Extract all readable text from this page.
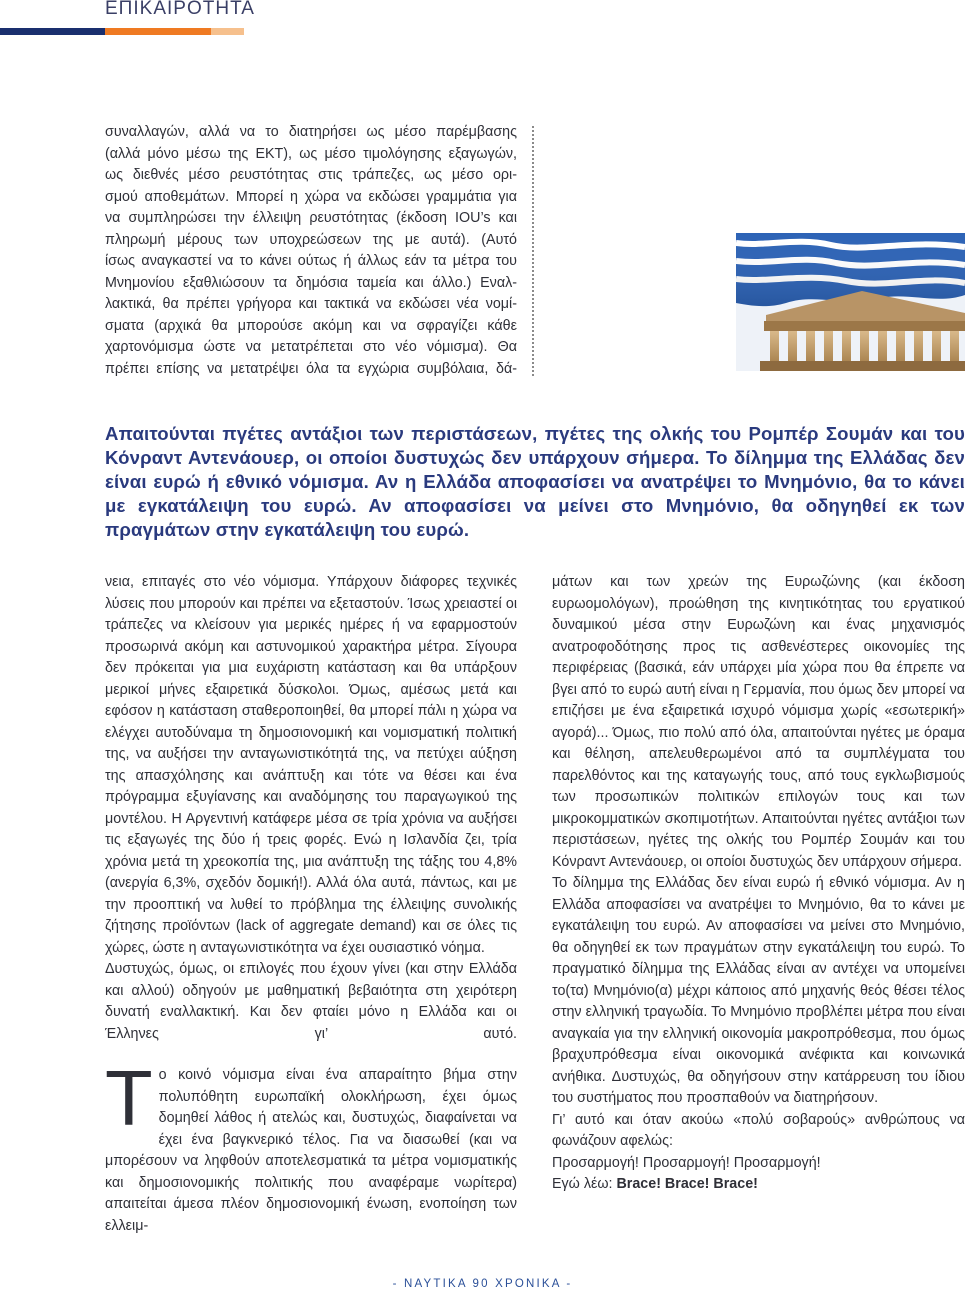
ΕΠΙΚΑΙΡΟΤΗΤΑ

συναλλαγών, αλλά να το διατηρήσει ως μέσο παρέμβασης

(αλλά μόνο μέσω της ΕΚΤ), ως μέσο τιμολόγησης εξαγωγών,

ως διεθνές μέσο ρευστότητας στις τράπεζες, ως μέσο ορι-

σμού αποθεμάτων. Μπορεί η χώρα να εκδώσει γραμμάτια για

να συμπληρώσει την έλλειψη ρευστότητας (έκδοση IOU’s και

πληρωμή μέρους των υποχρεώσεων της με αυτά). (Αυτό

ίσως αναγκαστεί να το κάνει ούτως ή άλλως εάν τα μέτρα του

Μνημονίου εξαθλιώσουν τα δημόσια ταμεία και άλλο.) Εναλ-

λακτικά, θα πρέπει γρήγορα και τακτικά να εκδώσει νέα νομί-

σματα (αρχικά θα μπορούσε ακόμη και να σφραγίζει κάθε

χαρτονόμισμα ώστε να μετατρέπεται στο νέο νόμισμα). Θα

πρέπει επίσης να μετατρέψει όλα τα εγχώρια συμβόλαια, δά-

Απαιτούνται πγέτες αντάξιοι των περιστάσεων, πγέτες της ολκής του Ρομπέρ Σουμάν και του Κόνραντ Αντενάουερ, οι οποίοι δυστυχώς δεν υπάρχουν σήμερα. Το δίλημμα της Ελλάδας δεν είναι ευρώ ή εθνικό νόμισμα. Αν η Ελλάδα αποφασίσει να ανατρέψει το Μνημόνιο, θα το κάνει με εγκατάλειψη του ευρώ. Αν αποφασίσει να μείνει στο Μνημόνιο, θα οδηγηθεί εκ των πραγμάτων στην εγκατάλειψη του ευρώ.

νεια, επιταγές στο νέο νόμισμα. Υπάρχουν διάφορες τεχνικές λύσεις που μπορούν και πρέπει να εξεταστούν. Ίσως χρειαστεί οι τράπεζες να κλείσουν για μερικές ημέρες ή να εφαρμοστούν προσωρινά ακόμη και αστυνομικού χαρακτήρα μέτρα. Σίγουρα δεν πρόκειται για μια ευχάριστη κατάσταση και θα υπάρξουν μερικοί μήνες εξαιρετικά δύσκολοι. Όμως, αμέσως μετά και εφόσον η κατάσταση σταθεροποιηθεί, θα μπορεί πάλι η χώρα να ελέγχει αυτοδύναμα τη δημοσιονομική και νομισματική πολιτική της, να αυξήσει την ανταγωνιστικότητά της, να πετύχει αύξηση της απασχόλησης και ανάπτυξη και τότε να θέσει και ένα πρόγραμμα εξυγίανσης και αναδόμησης του παραγωγικού της μοντέλου. Η Αργεντινή κατάφερε μέσα σε τρία χρόνια να αυξήσει τις εξαγωγές της δύο ή τρεις φορές. Ενώ η Ισλανδία ζει, τρία χρόνια μετά τη χρεοκοπία της, μια ανάπτυξη της τάξης του 4,8% (ανεργία 6,3%, σχεδόν δομική!). Αλλά όλα αυτά, πάντως, και με την προοπτική να λυθεί το πρόβλημα της έλλειψης συνολικής ζήτησης προϊόντων (lack of aggregate demand) και σε όλες τις χώρες, ώστε η ανταγωνιστικότητα να έχει ουσιαστικό νόημα.

Δυστυχώς, όμως, οι επιλογές που έχουν γίνει (και στην Ελλάδα και αλλού) οδηγούν με μαθηματική βεβαιότητα στη χειρότερη δυνατή εναλλακτική. Και δεν φταίει μόνο η Ελλάδα και οι Έλληνες γι’ αυτό.

Το κοινό νόμισμα είναι ένα απαραίτητο βήμα στην πολυπόθητη ευρωπαϊκή ολοκλήρωση, έχει όμως δομηθεί λάθος ή ατελώς και, δυστυχώς, διαφαίνεται να έχει ένα βαγκνερικό τέλος. Για να διασωθεί (και να μπορέσουν να ληφθούν αποτελεσματικά τα μέτρα νομισματικής και δημοσιονομικής πολιτικής που αναφέραμε νωρίτερα) απαιτείται άμεσα πλέον δημοσιονομική ένωση, ενοποίηση των ελλειμ-

μάτων και των χρεών της Ευρωζώνης (και έκδοση ευρωομολόγων), προώθηση της κινητικότητας του εργατικού δυναμικού μέσα στην Ευρωζώνη και ένας μηχανισμός ανατροφοδότησης προς τις ασθενέστερες οικονομίες της περιφέρειας (βασικά, εάν υπάρχει μία χώρα που θα έπρεπε να βγει από το ευρώ αυτή είναι η Γερμανία, που όμως δεν μπορεί να επιζήσει με ένα εξαιρετικά ισχυρό νόμισμα χωρίς «εσωτερική» αγορά)... Όμως, πιο πολύ από όλα, απαιτούνται ηγέτες με όραμα και θέληση, απελευθερωμένοι από τα συμπλέγματα του παρελθόντος και της καταγωγής τους, από τους εγκλωβισμούς των προσωπικών πολιτικών επιλογών τους και των μικροκομματικών σκοπιμοτήτων. Απαιτούνται ηγέτες αντάξιοι των περιστάσεων, ηγέτες της ολκής του Ρομπέρ Σουμάν και του Κόνραντ Αντενάουερ, οι οποίοι δυστυχώς δεν υπάρχουν σήμερα.

Το δίλημμα της Ελλάδας δεν είναι ευρώ ή εθνικό νόμισμα. Αν η Ελλάδα αποφασίσει να ανατρέψει το Μνημόνιο, θα το κάνει με εγκατάλειψη του ευρώ. Αν αποφασίσει να μείνει στο Μνημόνιο, θα οδηγηθεί εκ των πραγμάτων στην εγκατάλειψη του ευρώ. Το πραγματικό δίλημμα της Ελλάδας είναι αν αντέχει να υπομείνει το(τα) Μνημόνιο(α) μέχρι κάποιος από μηχανής θεός θέσει τέλος στην ελληνική τραγωδία. Το Μνημόνιο προβλέπει μέτρα που είναι αναγκαία για την ελληνική οικονομία μακροπρόθεσμα, που όμως βραχυπρόθεσμα είναι οικονομικά ανέφικτα και κοινωνικά ανήθικα. Δυστυχώς, θα οδηγήσουν στην κατάρρευση του ίδιου του συστήματος που προσπαθούν να διατηρήσουν.

Γι’ αυτό και όταν ακούω «πολύ σοβαρούς» ανθρώπους να φωνάζουν αφελώς:

Προσαρμογή! Προσαρμογή! Προσαρμογή!

Εγώ λέω: Brace! Brace! Brace!

- ΝΑΥΤΙΚΑ 90 ΧΡΟΝΙΚΑ -
